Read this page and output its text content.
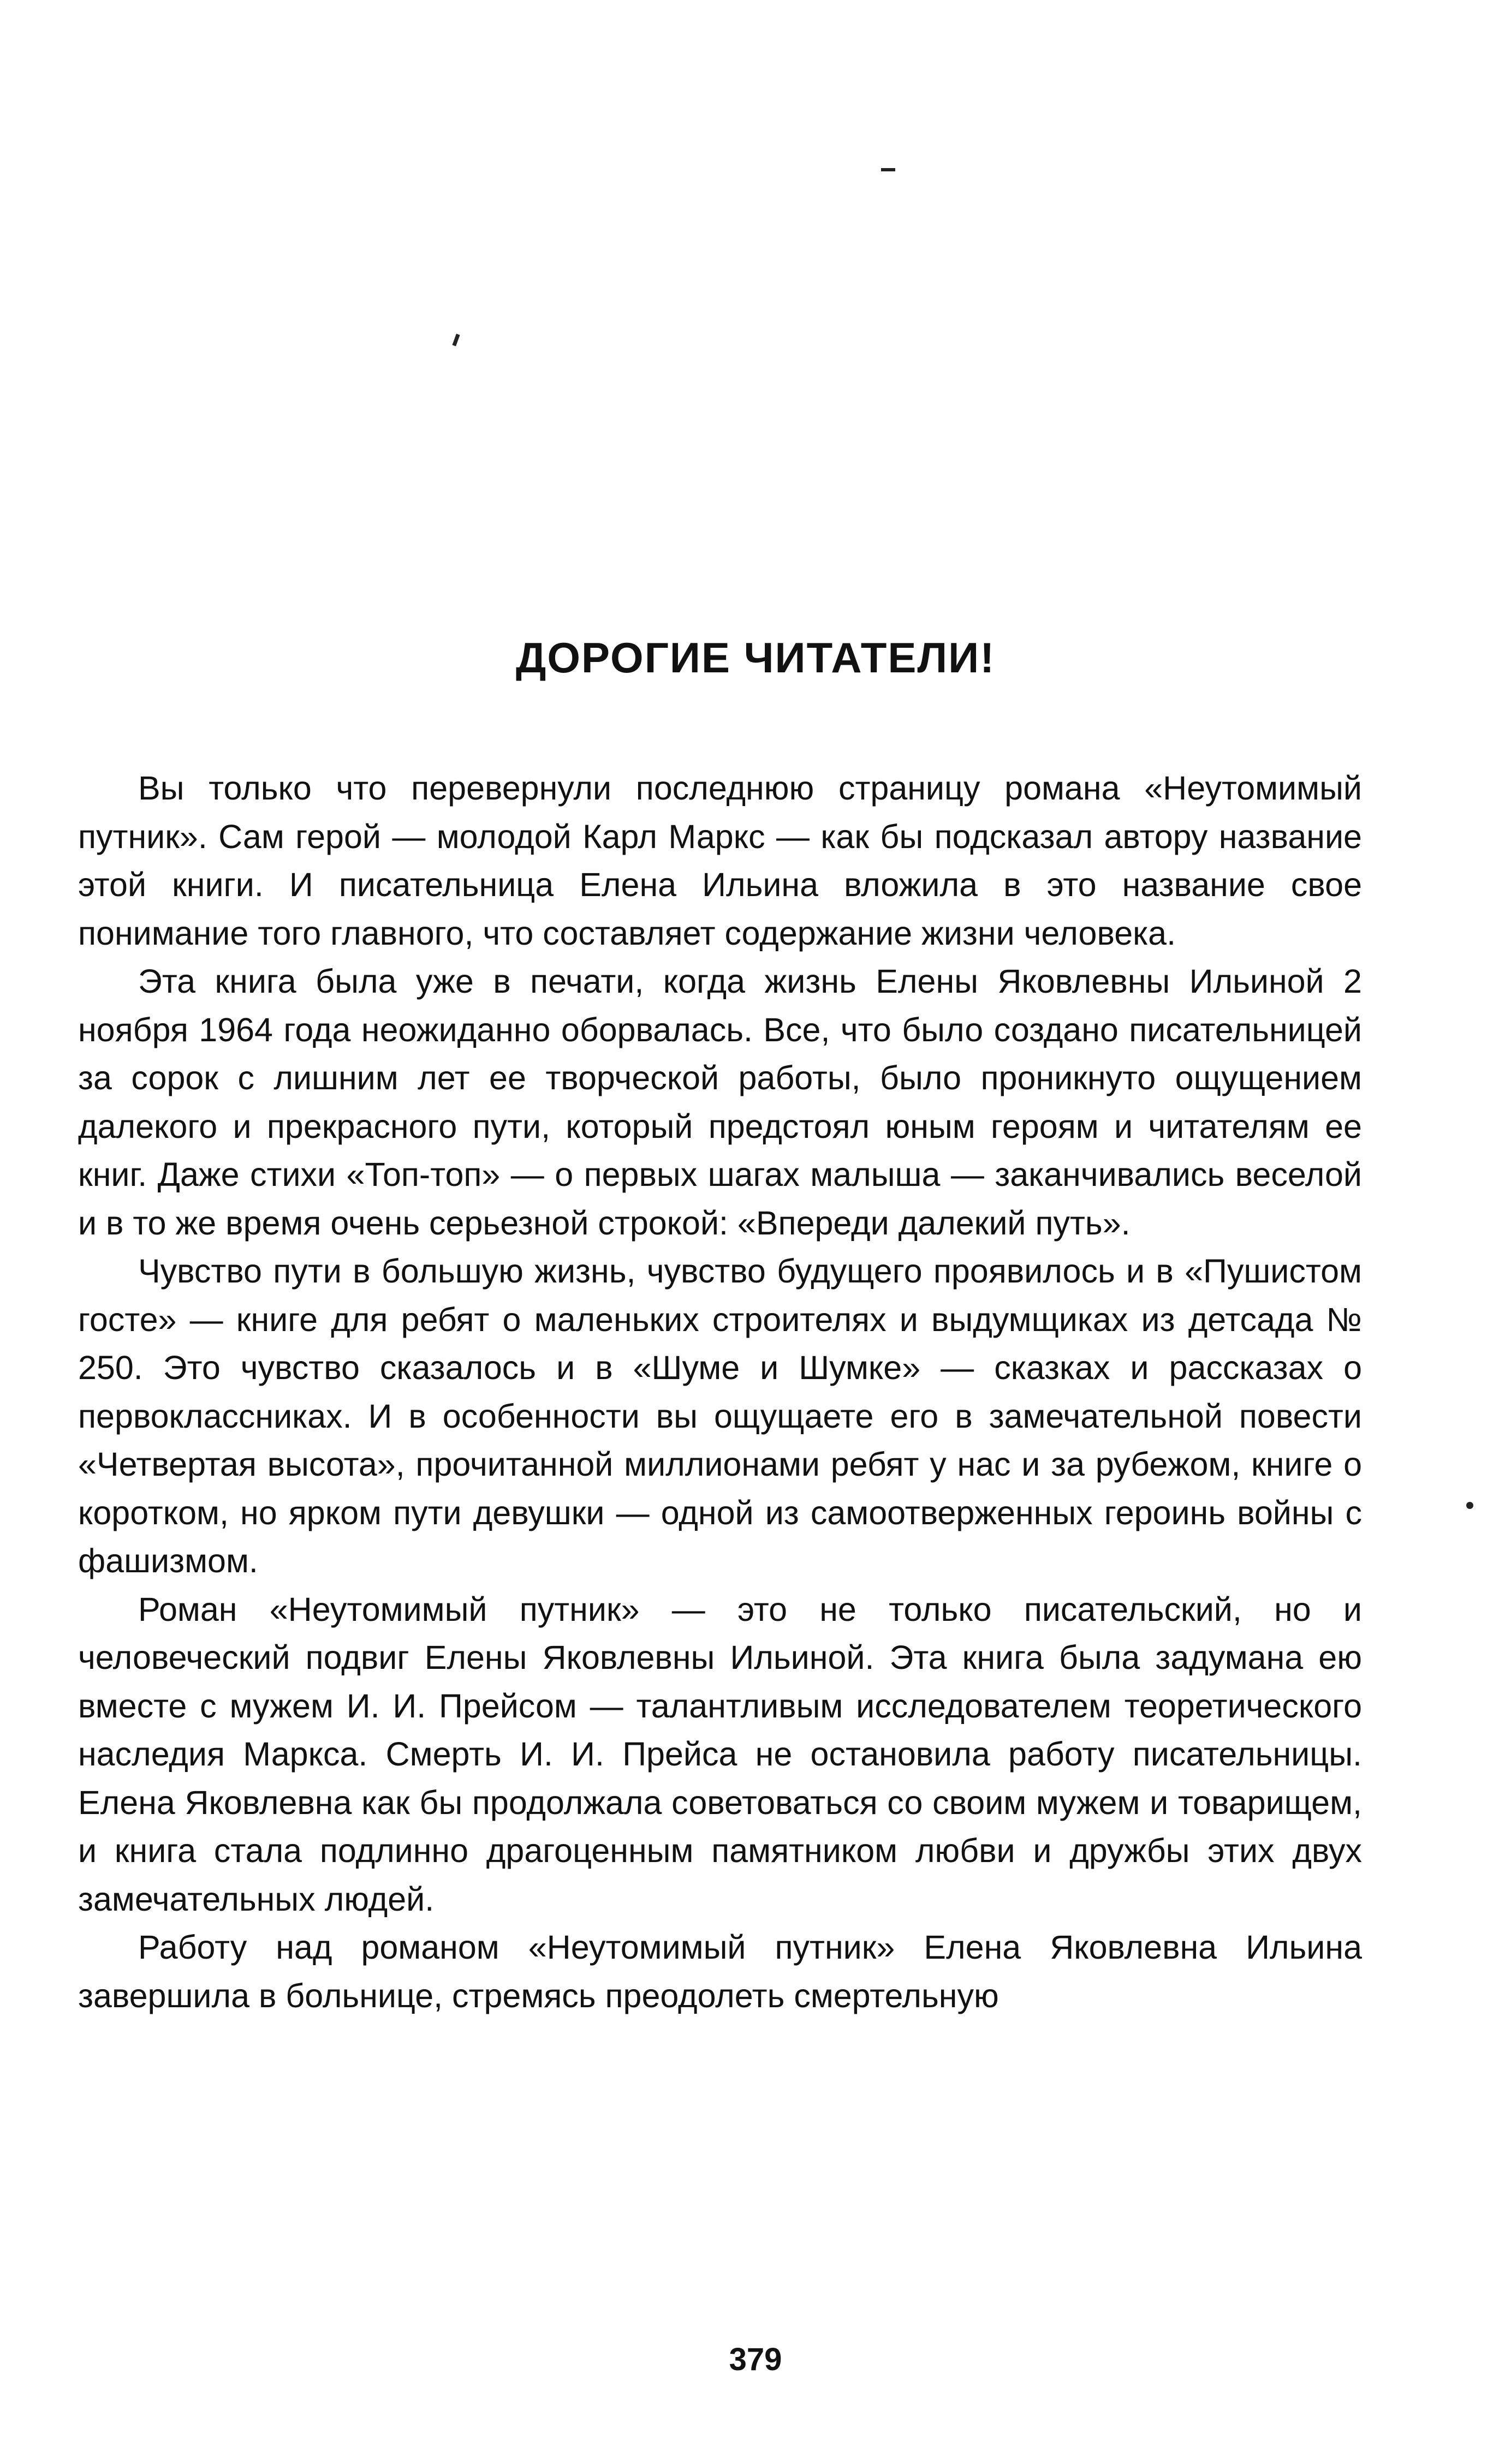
ДОРОГИЕ ЧИТАТЕЛИ!

Вы только что перевернули последнюю страницу романа «Неутомимый путник». Сам герой — молодой Карл Маркс — как бы подсказал автору название этой книги. И писательница Елена Ильина вложила в это название свое понимание того главного, что составляет содержание жизни человека.

Эта книга была уже в печати, когда жизнь Елены Яковлевны Ильиной 2 ноября 1964 года неожиданно оборвалась. Все, что было создано писательницей за сорок с лишним лет ее творческой работы, было проникнуто ощущением далекого и прекрасного пути, который предстоял юным героям и читателям ее книг. Даже стихи «Топ-топ» — о первых шагах малыша — заканчивались веселой и в то же время очень серьезной строкой: «Впереди далекий путь».

Чувство пути в большую жизнь, чувство будущего проявилось и в «Пушистом госте» — книге для ребят о маленьких строителях и выдумщиках из детсада № 250. Это чувство сказалось и в «Шуме и Шумке» — сказках и рассказах о первоклассниках. И в особенности вы ощущаете его в замечательной повести «Четвертая высота», прочитанной миллионами ребят у нас и за рубежом, книге о коротком, но ярком пути девушки — одной из самоотверженных героинь войны с фашизмом.

Роман «Неутомимый путник» — это не только писательский, но и человеческий подвиг Елены Яковлевны Ильиной. Эта книга была задумана ею вместе с мужем И. И. Прейсом — талантливым исследователем теоретического наследия Маркса. Смерть И. И. Прейса не остановила работу писательницы. Елена Яковлевна как бы продолжала советоваться со своим мужем и товарищем, и книга стала подлинно драгоценным памятником любви и дружбы этих двух замечательных людей.

Работу над романом «Неутомимый путник» Елена Яковлевна Ильина завершила в больнице, стремясь преодолеть смертельную

379
